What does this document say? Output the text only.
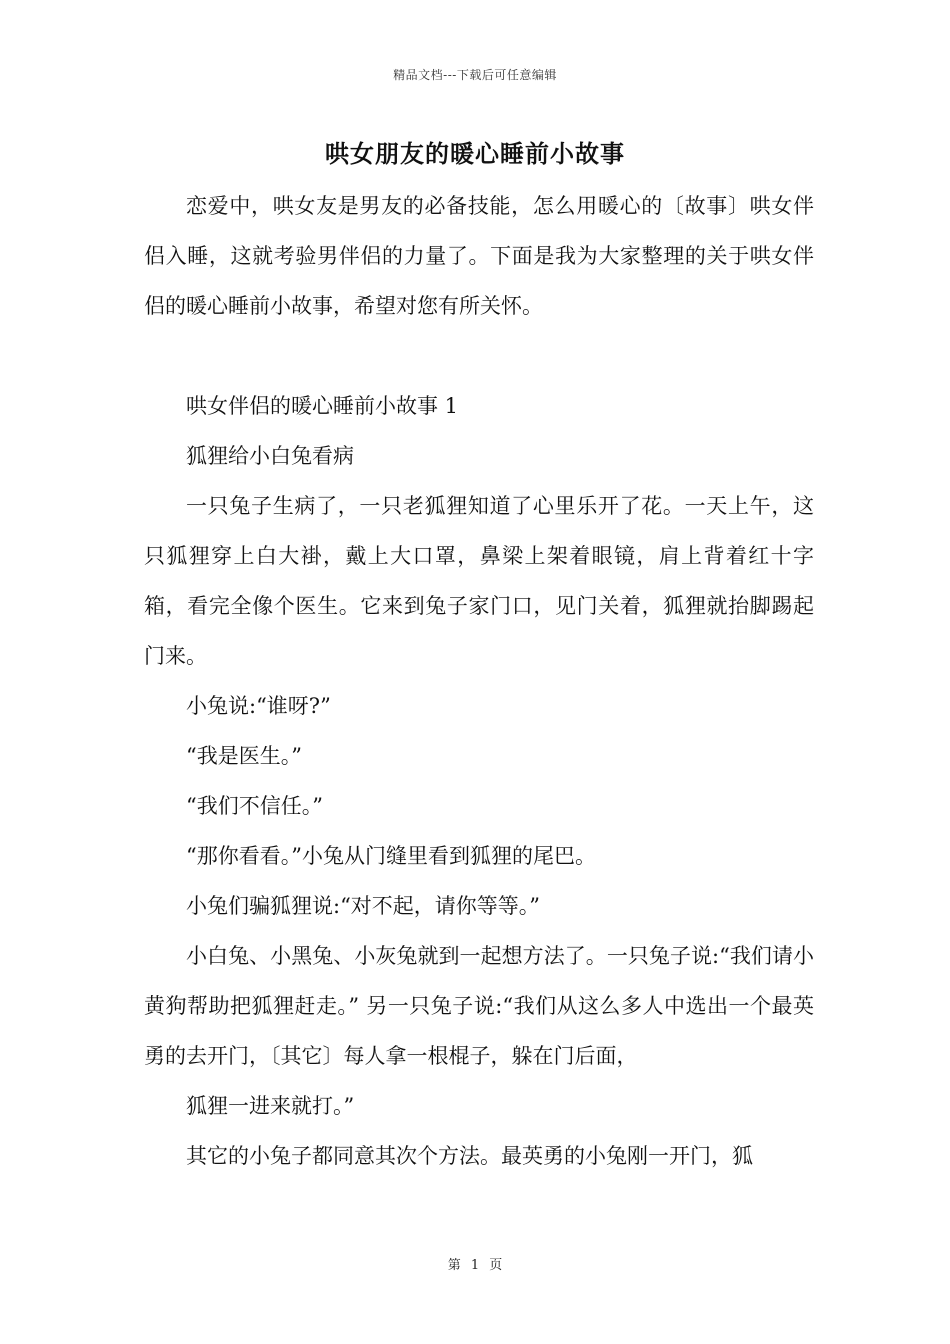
精品文档---下载后可任意编辑
哄女朋友的暖心睡前小故事

恋爱中，哄女友是男友的必备技能，怎么用暖心的〔故事〕哄女伴侣入睡，这就考验男伴侣的力量了。下面是我为大家整理的关于哄女伴侣的暖心睡前小故事，希望对您有所关怀。

哄女伴侣的暖心睡前小故事 1

狐狸给小白兔看病

一只兔子生病了，一只老狐狸知道了心里乐开了花。一天上午，这只狐狸穿上白大褂，戴上大口罩，鼻梁上架着眼镜，肩上背着红十字箱，看完全像个医生。它来到兔子家门口，见门关着，狐狸就抬脚踢起门来。

小兔说:“谁呀?”

“我是医生。”

“我们不信任。”

“那你看看。”小兔从门缝里看到狐狸的尾巴。

小兔们骗狐狸说:“对不起，请你等等。”

小白兔、小黑兔、小灰兔就到一起想方法了。一只兔子说:“我们请小黄狗帮助把狐狸赶走。” 另一只兔子说:“我们从这么多人中选出一个最英勇的去开门，〔其它〕每人拿一根棍子，躲在门后面，

狐狸一进来就打。”

其它的小兔子都同意其次个方法。最英勇的小兔刚一开门，狐

第 1 页
